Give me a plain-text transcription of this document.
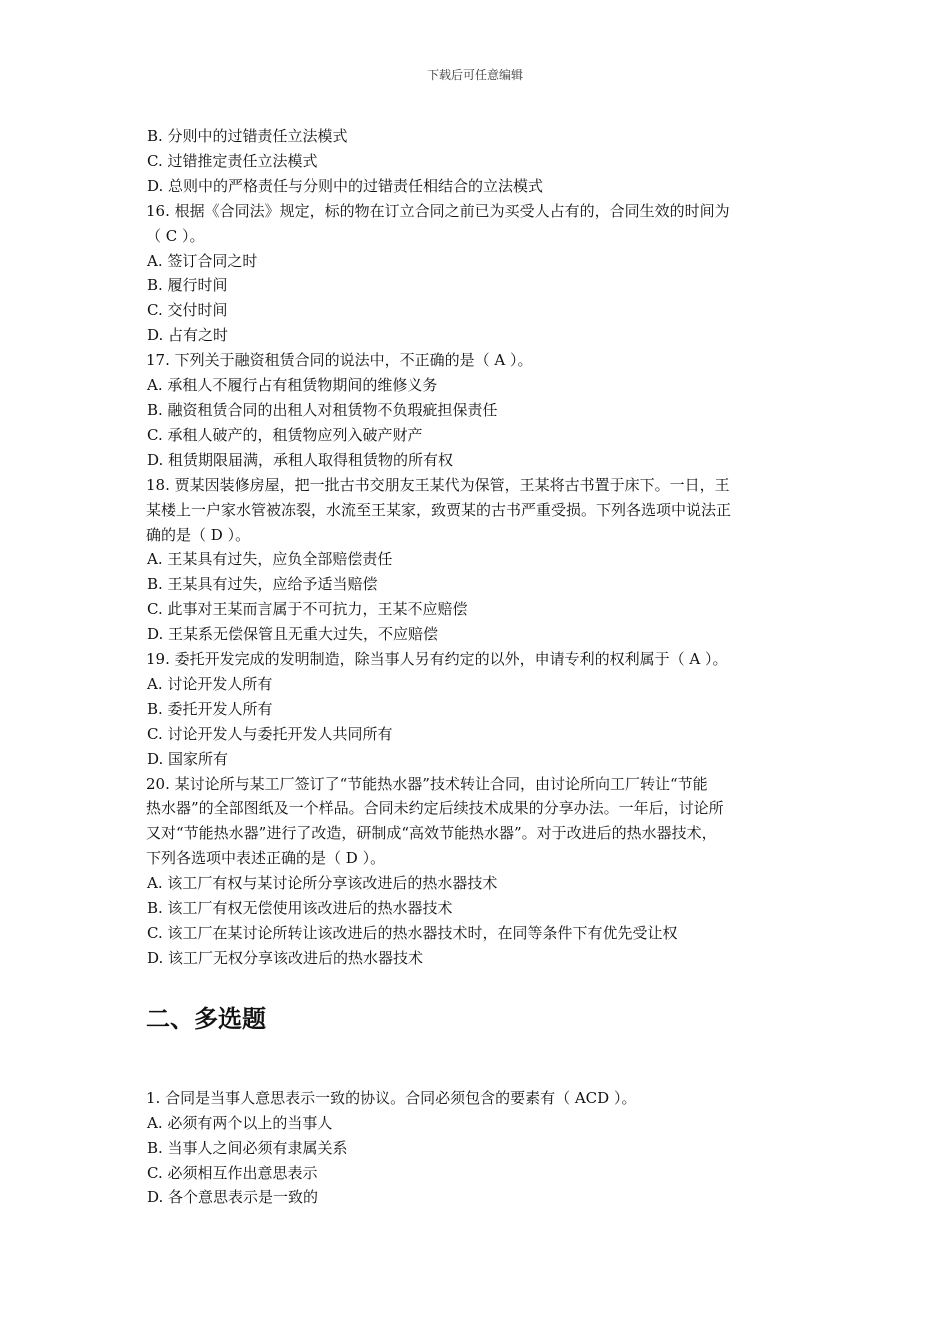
下载后可任意编辑
B. 分则中的过错责任立法模式
C. 过错推定责任立法模式
D. 总则中的严格责任与分则中的过错责任相结合的立法模式
16. 根据《合同法》规定，标的物在订立合同之前已为买受人占有的，合同生效的时间为
（ C ）。
A. 签订合同之时
B. 履行时间
C. 交付时间
D. 占有之时
17. 下列关于融资租赁合同的说法中，不正确的是（ A ）。
A. 承租人不履行占有租赁物期间的维修义务
B. 融资租赁合同的出租人对租赁物不负瑕疵担保责任
C. 承租人破产的，租赁物应列入破产财产
D. 租赁期限届满，承租人取得租赁物的所有权
18. 贾某因装修房屋，把一批古书交朋友王某代为保管，王某将古书置于床下。一日，王
某楼上一户家水管被冻裂，水流至王某家，致贾某的古书严重受损。下列各选项中说法正
确的是（ D ）。
A. 王某具有过失，应负全部赔偿责任
B. 王某具有过失，应给予适当赔偿
C. 此事对王某而言属于不可抗力，王某不应赔偿
D. 王某系无偿保管且无重大过失，不应赔偿
19. 委托开发完成的发明制造，除当事人另有约定的以外，申请专利的权利属于（ A ）。
A. 讨论开发人所有
B. 委托开发人所有
C. 讨论开发人与委托开发人共同所有
D. 国家所有
20. 某讨论所与某工厂签订了“节能热水器”技术转让合同，由讨论所向工厂转让“节能
热水器”的全部图纸及一个样品。合同未约定后续技术成果的分享办法。一年后，讨论所
又对“节能热水器”进行了改造，研制成“高效节能热水器”。对于改进后的热水器技术，
下列各选项中表述正确的是（ D ）。
A. 该工厂有权与某讨论所分享该改进后的热水器技术
B. 该工厂有权无偿使用该改进后的热水器技术
C. 该工厂在某讨论所转让该改进后的热水器技术时，在同等条件下有优先受让权
D. 该工厂无权分享该改进后的热水器技术
二、多选题
1. 合同是当事人意思表示一致的协议。合同必须包含的要素有（ ACD ）。
A. 必须有两个以上的当事人
B. 当事人之间必须有隶属关系
C. 必须相互作出意思表示
D. 各个意思表示是一致的
